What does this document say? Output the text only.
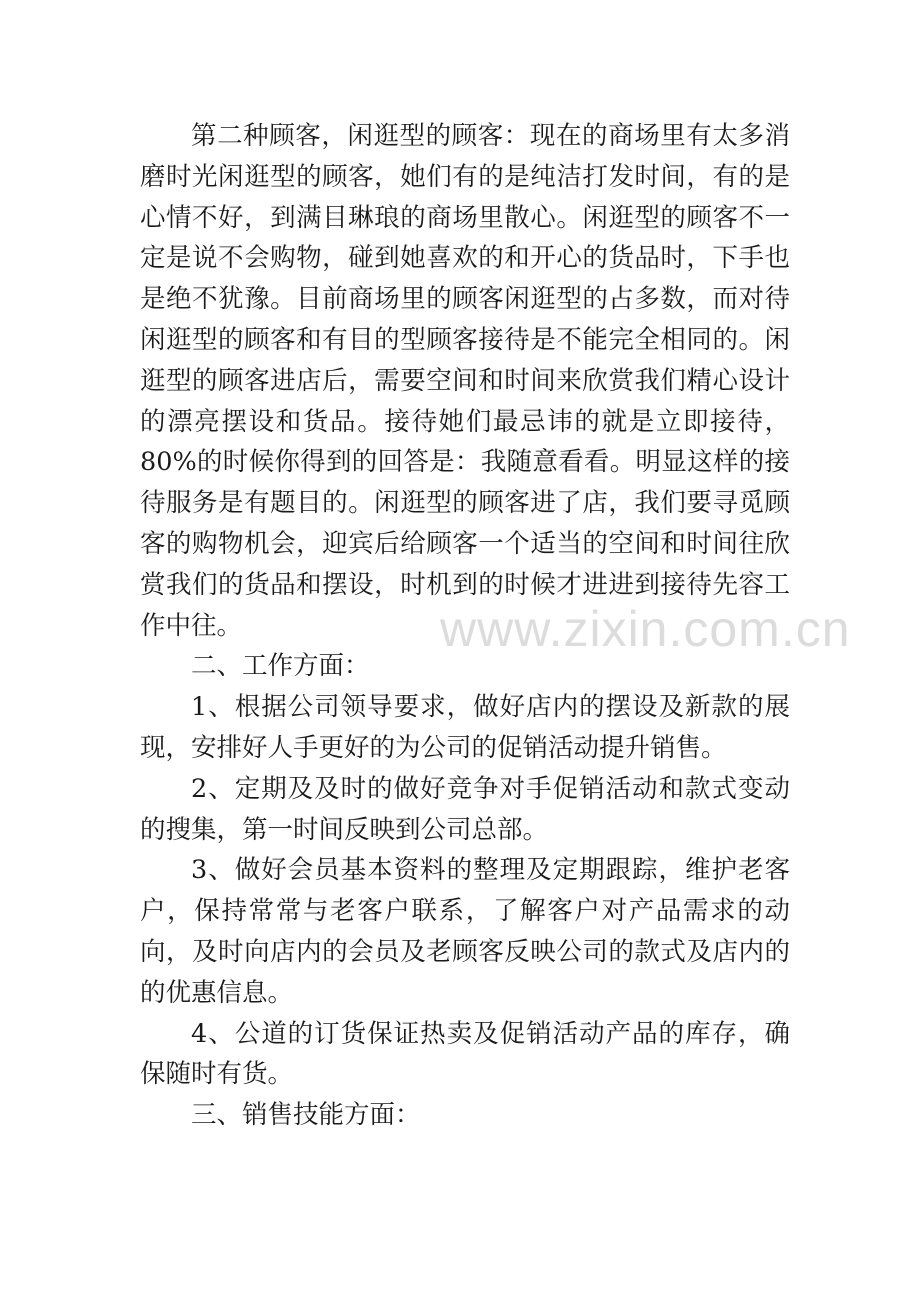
第二种顾客，闲逛型的顾客：现在的商场里有太多消磨时光闲逛型的顾客，她们有的是纯洁打发时间，有的是心情不好，到满目琳琅的商场里散心。闲逛型的顾客不一定是说不会购物，碰到她喜欢的和开心的货品时，下手也是绝不犹豫。目前商场里的顾客闲逛型的占多数，而对待闲逛型的顾客和有目的型顾客接待是不能完全相同的。闲逛型的顾客进店后，需要空间和时间来欣赏我们精心设计的漂亮摆设和货品。接待她们最忌讳的就是立即接待，80%的时候你得到的回答是：我随意看看。明显这样的接待服务是有题目的。闲逛型的顾客进了店，我们要寻觅顾客的购物机会，迎宾后给顾客一个适当的空间和时间往欣赏我们的货品和摆设，时机到的时候才进进到接待先容工作中往。

二、工作方面：

1、根据公司领导要求，做好店内的摆设及新款的展现，安排好人手更好的为公司的促销活动提升销售。

2、定期及及时的做好竞争对手促销活动和款式变动的搜集，第一时间反映到公司总部。

3、做好会员基本资料的整理及定期跟踪，维护老客户，保持常常与老客户联系，了解客户对产品需求的动向，及时向店内的会员及老顾客反映公司的款式及店内的的优惠信息。

4、公道的订货保证热卖及促销活动产品的库存，确保随时有货。

三、销售技能方面：

www.zixin.com.cn
